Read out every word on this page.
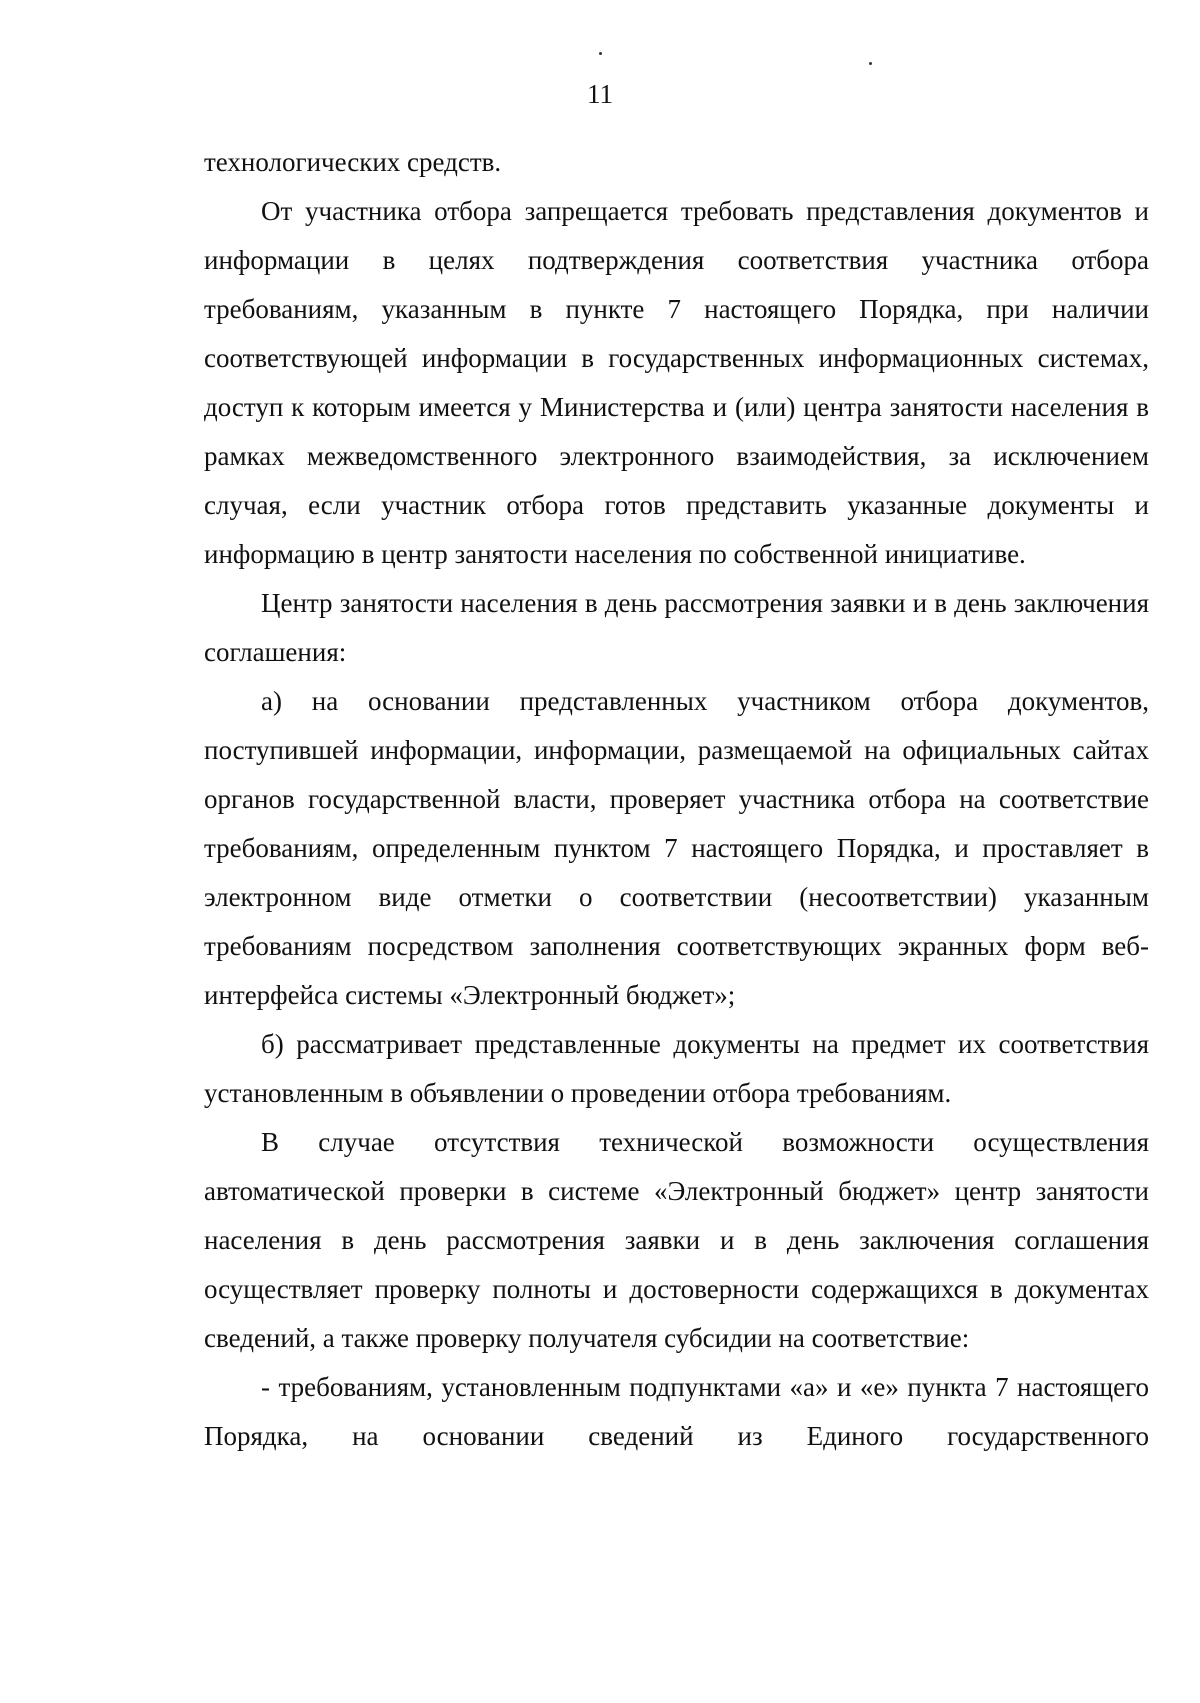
11

технологических средств.

От участника отбора запрещается требовать представления документов и информации в целях подтверждения соответствия участника отбора требованиям, указанным в пункте 7 настоящего Порядка, при наличии соответствующей информации в государственных информационных системах, доступ к которым имеется у Министерства и (или) центра занятости населения в рамках межведомственного электронного взаимодействия, за исключением случая, если участник отбора готов представить указанные документы и информацию в центр занятости населения по собственной инициативе.

Центр занятости населения в день рассмотрения заявки и в день заключения соглашения:

а) на основании представленных участником отбора документов, поступившей информации, информации, размещаемой на официальных сайтах органов государственной власти, проверяет участника отбора на соответствие требованиям, определенным пунктом 7 настоящего Порядка, и проставляет в электронном виде отметки о соответствии (несоответствии) указанным требованиям посредством заполнения соответствующих экранных форм веб-интерфейса системы «Электронный бюджет»;

б) рассматривает представленные документы на предмет их соответствия установленным в объявлении о проведении отбора требованиям.

В случае отсутствия технической возможности осуществления автоматической проверки в системе «Электронный бюджет» центр занятости населения в день рассмотрения заявки и в день заключения соглашения осуществляет проверку полноты и достоверности содержащихся в документах сведений, а также проверку получателя субсидии на соответствие:

- требованиям, установленным подпунктами «а» и «е» пункта 7 настоящего Порядка, на основании сведений из Единого государственного
